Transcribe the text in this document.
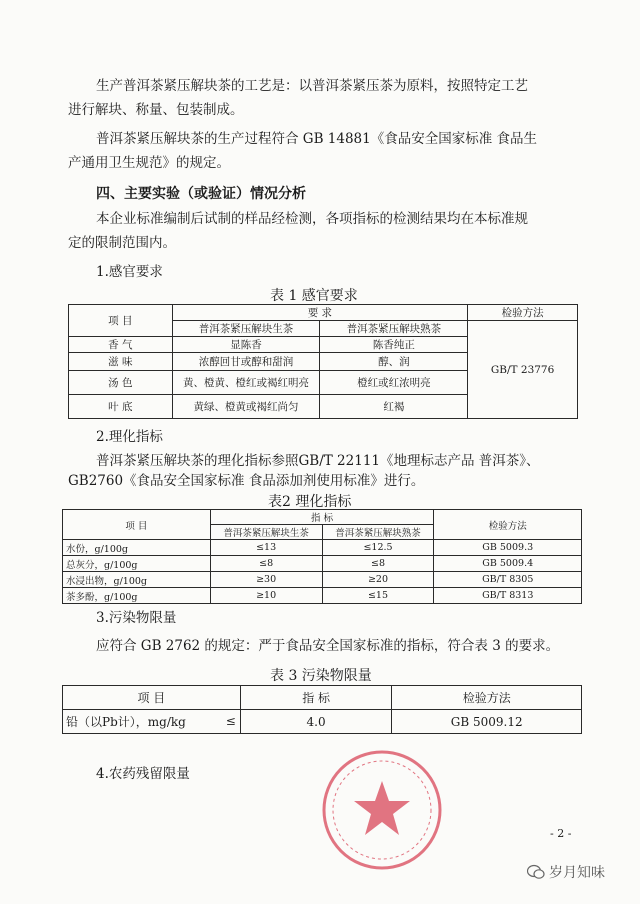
生产普洱茶紧压解块茶的工艺是：以普洱茶紧压茶为原料，按照特定工艺
进行解块、称量、包装制成。
普洱茶紧压解块茶的生产过程符合 GB 14881《食品安全国家标准 食品生
产通用卫生规范》的规定。
四、主要实验（或验证）情况分析
本企业标准编制后试制的样品经检测，各项指标的检测结果均在本标准规
定的限制范围内。
1.感官要求
表 1 感官要求
项 目	要 求		检验方法
	普洱茶紧压解块生茶	普洱茶紧压解块熟茶	GB/T 23776
香 气	显陈香	陈香纯正	
滋 味	浓醇回甘或醇和甜润	醇、润	
汤 色	黄、橙黄、橙红或褐红明亮	橙红或红浓明亮	
叶 底	黄绿、橙黄或褐红尚匀	红褐	
2.理化指标
普洱茶紧压解块茶的理化指标参照GB/T 22111《地理标志产品 普洱茶》、
GB2760《食品安全国家标准 食品添加剂使用标准》进行。
表2 理化指标
项 目	指 标		检验方法
	普洱茶紧压解块生茶	普洱茶紧压解块熟茶	
水份，g/100g	≤13	≤12.5	GB 5009.3
总灰分，g/100g	≤8	≤8	GB 5009.4
水浸出物，g/100g	≥30	≥20	GB/T 8305
茶多酚，g/100g	≥10	≤15	GB/T 8313
3.污染物限量
应符合 GB 2762 的规定：严于食品安全国家标准的指标，符合表 3 的要求。
表 3 污染物限量
项 目	指 标	检验方法
铅（以Pb计），mg/kg ≤	4.0	GB 5009.12
4.农药残留限量
- 2 -
岁月知味
